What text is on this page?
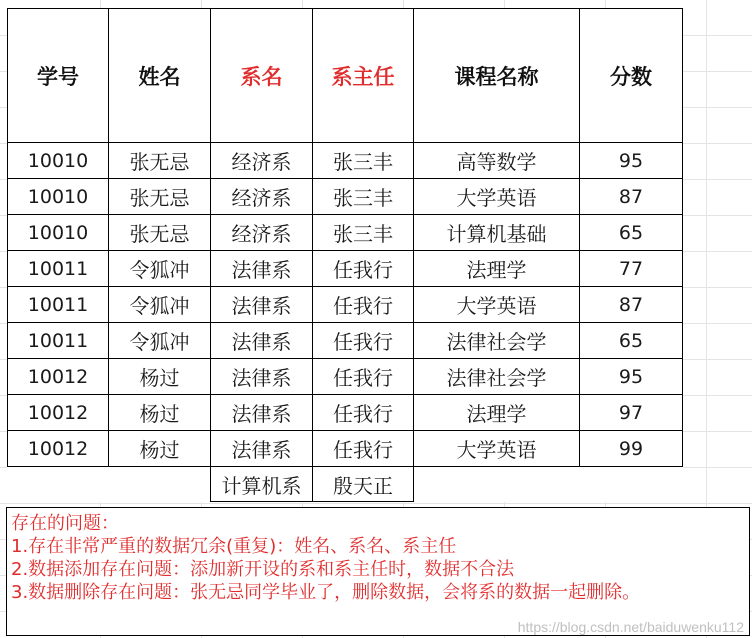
学号	姓名	系名	系主任	课程名称	分数
10010	张无忌	经济系	张三丰	高等数学	95
10010	张无忌	经济系	张三丰	大学英语	87
10010	张无忌	经济系	张三丰	计算机基础	65
10011	令狐冲	法律系	任我行	法理学	77
10011	令狐冲	法律系	任我行	大学英语	87
10011	令狐冲	法律系	任我行	法律社会学	65
10012	杨过	法律系	任我行	法律社会学	95
10012	杨过	法律系	任我行	法理学	97
10012	杨过	法律系	任我行	大学英语	99
		计算机系	殷天正		
存在的问题：
1.存在非常严重的数据冗余(重复)：姓名、系名、系主任
2.数据添加存在问题：添加新开设的系和系主任时，数据不合法
3.数据删除存在问题：张无忌同学毕业了，删除数据，会将系的数据一起删除。
https://blog.csdn.net/baiduwenku112
